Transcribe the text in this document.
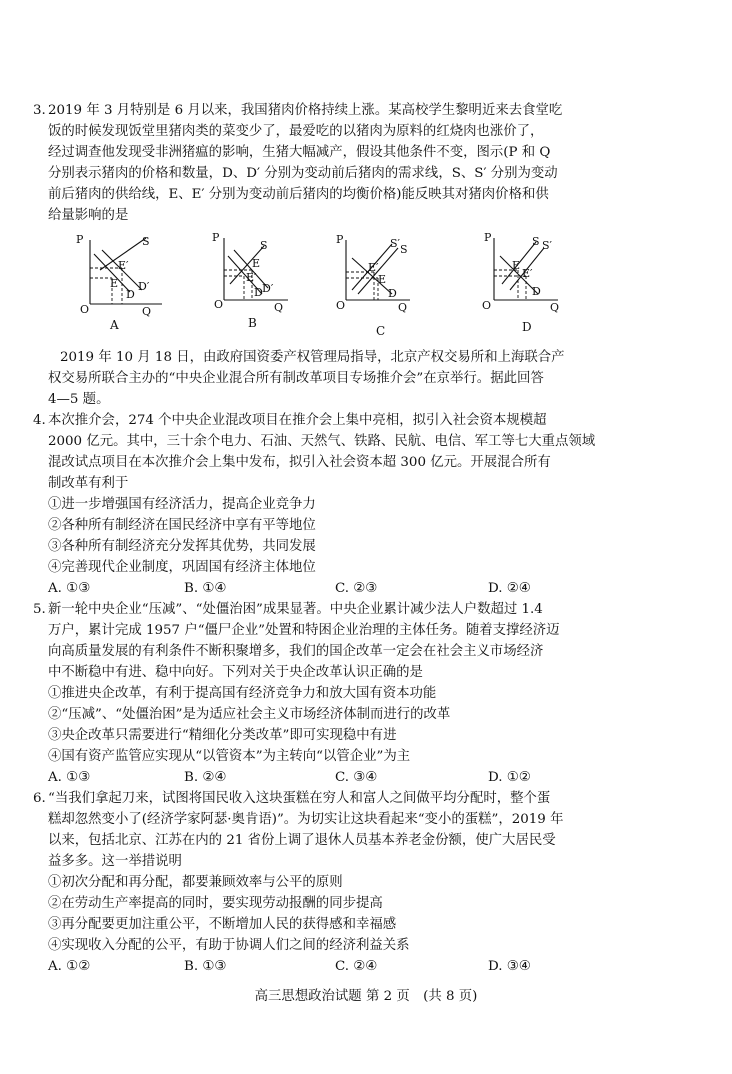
3. 2019 年 3 月特别是 6 月以来，我国猪肉价格持续上涨。某高校学生黎明近来去食堂吃
饭的时候发现饭堂里猪肉类的菜变少了，最爱吃的以猪肉为原料的红烧肉也涨价了，
经过调查他发现受非洲猪瘟的影响，生猪大幅减产，假设其他条件不变，图示(P 和 Q
分别表示猪肉的价格和数量，D、D′ 分别为变动前后猪肉的需求线，S、S′ 分别为变动
前后猪肉的供给线，E、E′ 分别为变动前后猪肉的均衡价格)能反映其对猪肉价格和供
给量影响的是
P	S
E′
E
D
D′
O	Q
A
P
S
E
E′
D D′
O	Q
B
P	S′ S
E′
E
D
O	Q
C
P	S S′
E
E′
D
O	Q
D
2019 年 10 月 18 日，由政府国资委产权管理局指导，北京产权交易所和上海联合产
权交易所联合主办的“中央企业混合所有制改革项目专场推介会”在京举行。据此回答
4—5 题。
4. 本次推介会，274 个中央企业混改项目在推介会上集中亮相，拟引入社会资本规模超
2000 亿元。其中，三十余个电力、石油、天然气、铁路、民航、电信、军工等七大重点领域
混改试点项目在本次推介会上集中发布，拟引入社会资本超 300 亿元。开展混合所有
制改革有利于
①进一步增强国有经济活力，提高企业竞争力
②各种所有制经济在国民经济中享有平等地位
③各种所有制经济充分发挥其优势，共同发展
④完善现代企业制度，巩固国有经济主体地位
A. ①③	B. ①④	C. ②③	D. ②④
5. 新一轮中央企业“压减”、“处僵治困”成果显著。中央企业累计减少法人户数超过 1.4
万户，累计完成 1957 户“僵尸企业”处置和特困企业治理的主体任务。随着支撑经济迈
向高质量发展的有利条件不断积聚增多，我们的国企改革一定会在社会主义市场经济
中不断稳中有进、稳中向好。下列对关于央企改革认识正确的是
①推进央企改革，有利于提高国有经济竞争力和放大国有资本功能
②“压减”、“处僵治困”是为适应社会主义市场经济体制而进行的改革
③央企改革只需要进行“精细化分类改革”即可实现稳中有进
④国有资产监管应实现从“以管资本”为主转向“以管企业”为主
A. ①③	B. ②④	C. ③④	D. ①②
6. “当我们拿起刀来，试图将国民收入这块蛋糕在穷人和富人之间做平均分配时，整个蛋
糕却忽然变小了(经济学家阿瑟·奥肯语)”。为切实让这块看起来“变小的蛋糕”，2019 年
以来，包括北京、江苏在内的 21 省份上调了退休人员基本养老金份额，使广大居民受
益多多。这一举措说明
①初次分配和再分配，都要兼顾效率与公平的原则
②在劳动生产率提高的同时，要实现劳动报酬的同步提高
③再分配要更加注重公平，不断增加人民的获得感和幸福感
④实现收入分配的公平，有助于协调人们之间的经济利益关系
A. ①②	B. ①③	C. ②④	D. ③④
高三思想政治试题 第 2 页　(共 8 页)
